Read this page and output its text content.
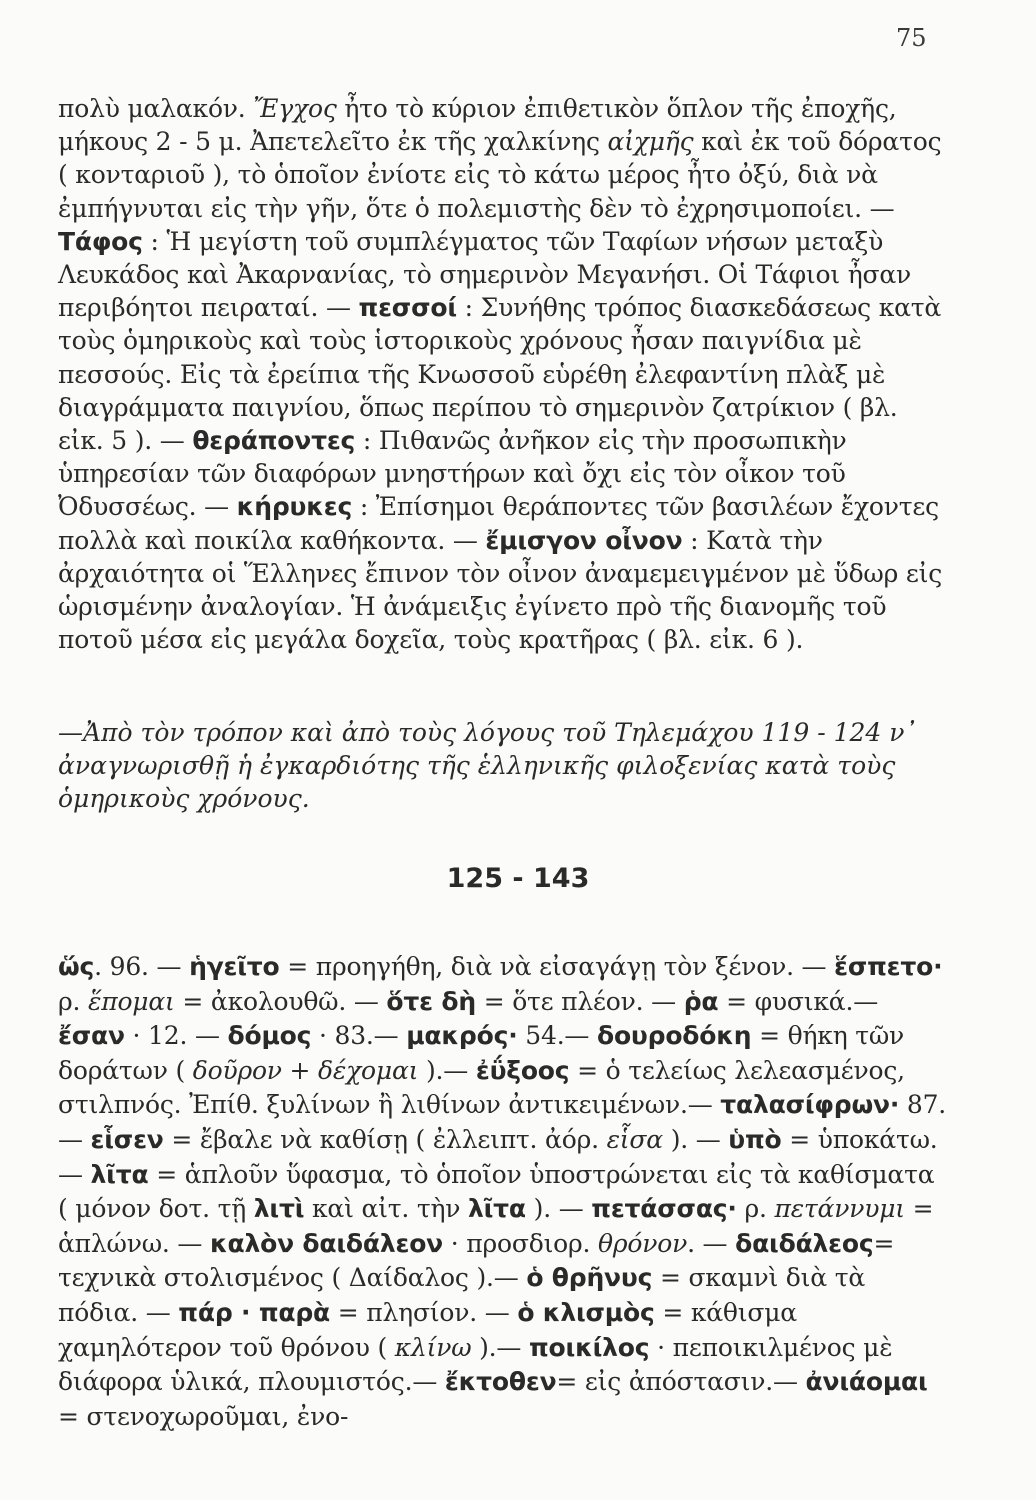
75

πολὺ μαλακόν. Ἔγχος ἦτο τὸ κύριον ἐπιθετικὸν ὅπλον τῆς ἐποχῆς, μήκους 2 - 5 μ. Ἀπετελεῖτο ἐκ τῆς χαλκίνης αἰχμῆς καὶ ἐκ τοῦ δόρατος ( κονταριοῦ ), τὸ ὁποῖον ἐνίοτε εἰς τὸ κάτω μέρος ἦτο ὀξύ, διὰ νὰ ἐμπήγνυται εἰς τὴν γῆν, ὅτε ὁ πολεμιστὴς δὲν τὸ ἐχρησιμοποίει. — Τάφος : Ἡ μεγίστη τοῦ συμπλέγματος τῶν Ταφίων νήσων μεταξὺ Λευκάδος καὶ Ἀκαρνανίας, τὸ σημερινὸν Μεγανήσι. Οἱ Τάφιοι ἦσαν περιβόητοι πειραταί. — πεσσοί : Συνήθης τρόπος διασκεδάσεως κατὰ τοὺς ὁμηρικοὺς καὶ τοὺς ἱστορικοὺς χρόνους ἦσαν παιγνίδια μὲ πεσσούς. Εἰς τὰ ἐρείπια τῆς Κνωσσοῦ εὑρέθη ἐλεφαντίνη πλὰξ μὲ διαγράμματα παιγνίου, ὅπως περίπου τὸ σημερινὸν ζατρίκιον ( βλ. εἰκ. 5 ). — θεράποντες : Πιθανῶς ἀνῆκον εἰς τὴν προσωπικὴν ὑπηρεσίαν τῶν διαφόρων μνηστήρων καὶ ὄχι εἰς τὸν οἶκον τοῦ Ὀδυσσέως. — κήρυκες : Ἐπίσημοι θεράποντες τῶν βασιλέων ἔχοντες πολλὰ καὶ ποικίλα καθήκοντα. — ἔμισγον οἶνον : Κατὰ τὴν ἀρχαιότητα οἱ Ἕλληνες ἔπινον τὸν οἶνον ἀναμεμειγμένον μὲ ὕδωρ εἰς ὡρισμένην ἀναλογίαν. Ἡ ἀνάμειξις ἐγίνετο πρὸ τῆς διανομῆς τοῦ ποτοῦ μέσα εἰς μεγάλα δοχεῖα, τοὺς κρατῆρας ( βλ. εἰκ. 6 ).

—Ἀπὸ τὸν τρόπον καὶ ἀπὸ τοὺς λόγους τοῦ Τηλεμάχου 119 - 124 ν᾽ ἀναγνωρισθῇ ἡ ἐγκαρδιότης τῆς ἑλληνικῆς φιλοξενίας κατὰ τοὺς ὁμηρικοὺς χρόνους.
125 - 143

ὥς. 96. — ἡγεῖτο = προηγήθη, διὰ νὰ εἰσαγάγῃ τὸν ξένον. — ἕσπετο· ρ. ἕπομαι = ἀκολουθῶ. — ὅτε δὴ = ὅτε πλέον. — ῥα = φυσικά.— ἔσαν · 12. — δόμος · 83.— μακρός· 54.— δουροδόκη = θήκη τῶν δοράτων ( δοῦρον + δέχομαι ).— ἐΰξοος = ὁ τελείως λελεασμένος, στιλπνός. Ἐπίθ. ξυλίνων ἢ λιθίνων ἀντικειμένων.— ταλασίφρων· 87.— εἷσεν = ἔβαλε νὰ καθίσῃ ( ἐλλειπτ. ἀόρ. εἷσα ). — ὑπὸ = ὑποκάτω.— λῖτα = ἁπλοῦν ὕφασμα, τὸ ὁποῖον ὑποστρώνεται εἰς τὰ καθίσματα ( μόνον δοτ. τῇ λιτὶ καὶ αἰτ. τὴν λῖτα ). — πετάσσας· ρ. πετάννυμι = ἁπλώνω. — καλὸν δαιδάλεον · προσδιορ. θρόνον. — δαιδάλεος= τεχνικὰ στολισμένος ( Δαίδαλος ).— ὁ θρῆνυς = σκαμνὶ διὰ τὰ πόδια. — πάρ · παρὰ = πλησίον. — ὁ κλισμὸς = κάθισμα χαμηλότερον τοῦ θρόνου ( κλίνω ).— ποικίλος · πεποικιλμένος μὲ διάφορα ὑλικά, πλουμιστός.— ἔκτοθεν= εἰς ἀπόστασιν.— ἀνιάομαι = στενοχωροῦμαι, ἐνο-
